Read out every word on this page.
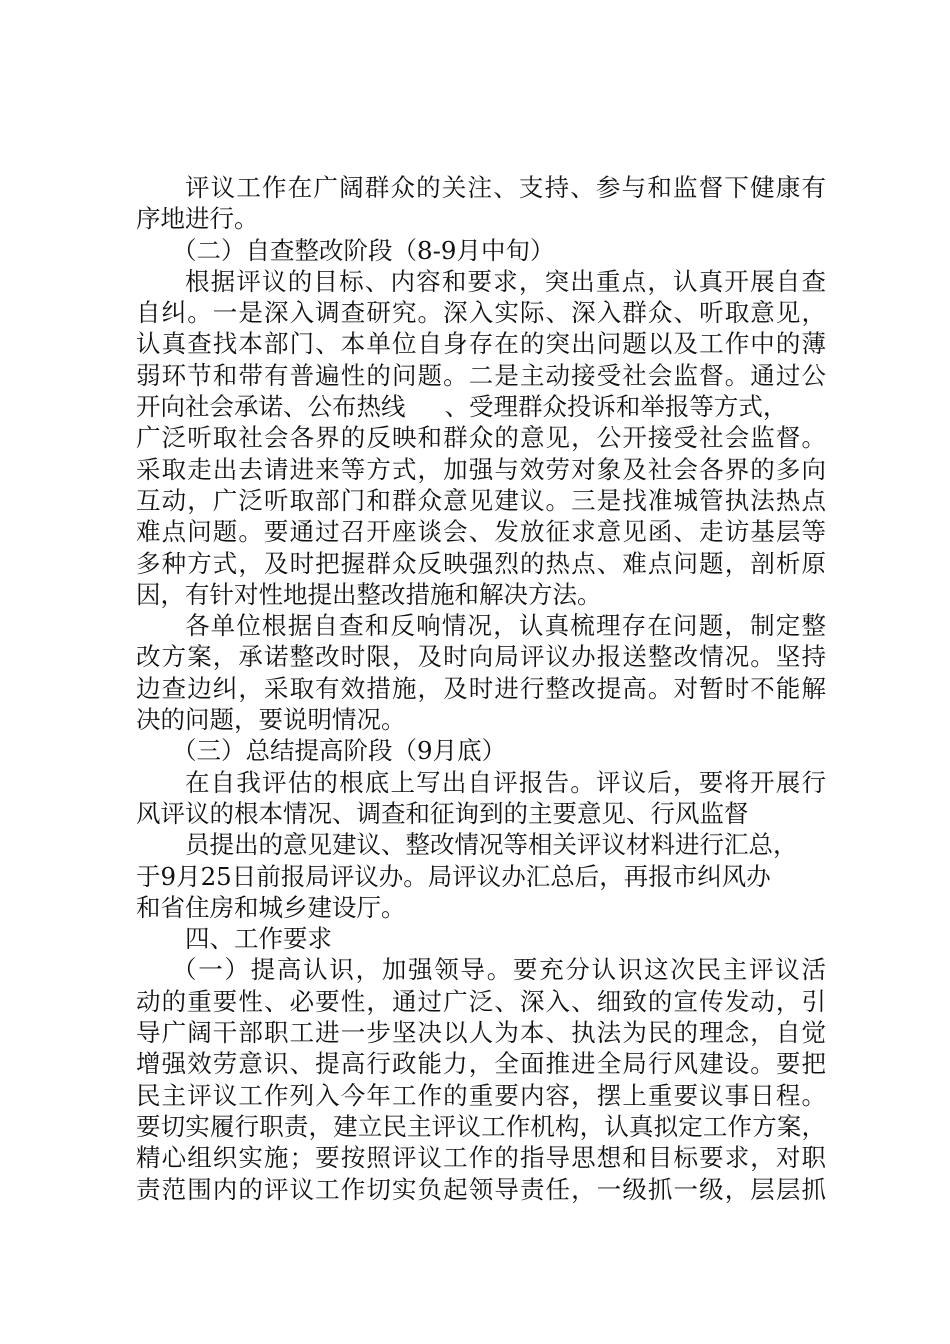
评议工作在广阔群众的关注、支持、参与和监督下健康有
序地进行。
（二）自查整改阶段（8-9月中旬）
根据评议的目标、内容和要求，突出重点，认真开展自查
自纠。一是深入调查研究。深入实际、深入群众、听取意见，
认真查找本部门、本单位自身存在的突出问题以及工作中的薄
弱环节和带有普遍性的问题。二是主动接受社会监督。通过公
开向社会承诺、公布热线     、受理群众投诉和举报等方式，
广泛听取社会各界的反映和群众的意见，公开接受社会监督。
采取走出去请进来等方式，加强与效劳对象及社会各界的多向
互动，广泛听取部门和群众意见建议。三是找准城管执法热点
难点问题。要通过召开座谈会、发放征求意见函、走访基层等
多种方式，及时把握群众反映强烈的热点、难点问题，剖析原
因，有针对性地提出整改措施和解决方法。
各单位根据自查和反响情况，认真梳理存在问题，制定整
改方案，承诺整改时限，及时向局评议办报送整改情况。坚持
边查边纠，采取有效措施，及时进行整改提高。对暂时不能解
决的问题，要说明情况。
（三）总结提高阶段（9月底）
在自我评估的根底上写出自评报告。评议后，要将开展行
风评议的根本情况、调查和征询到的主要意见、行风监督
员提出的意见建议、整改情况等相关评议材料进行汇总，
于9月25日前报局评议办。局评议办汇总后，再报市纠风办
和省住房和城乡建设厅。
四、工作要求
（一）提高认识，加强领导。要充分认识这次民主评议活
动的重要性、必要性，通过广泛、深入、细致的宣传发动，引
导广阔干部职工进一步坚决以人为本、执法为民的理念，自觉
增强效劳意识、提高行政能力，全面推进全局行风建设。要把
民主评议工作列入今年工作的重要内容，摆上重要议事日程。
要切实履行职责，建立民主评议工作机构，认真拟定工作方案，
精心组织实施；要按照评议工作的指导思想和目标要求，对职
责范围内的评议工作切实负起领导责任，一级抓一级，层层抓
